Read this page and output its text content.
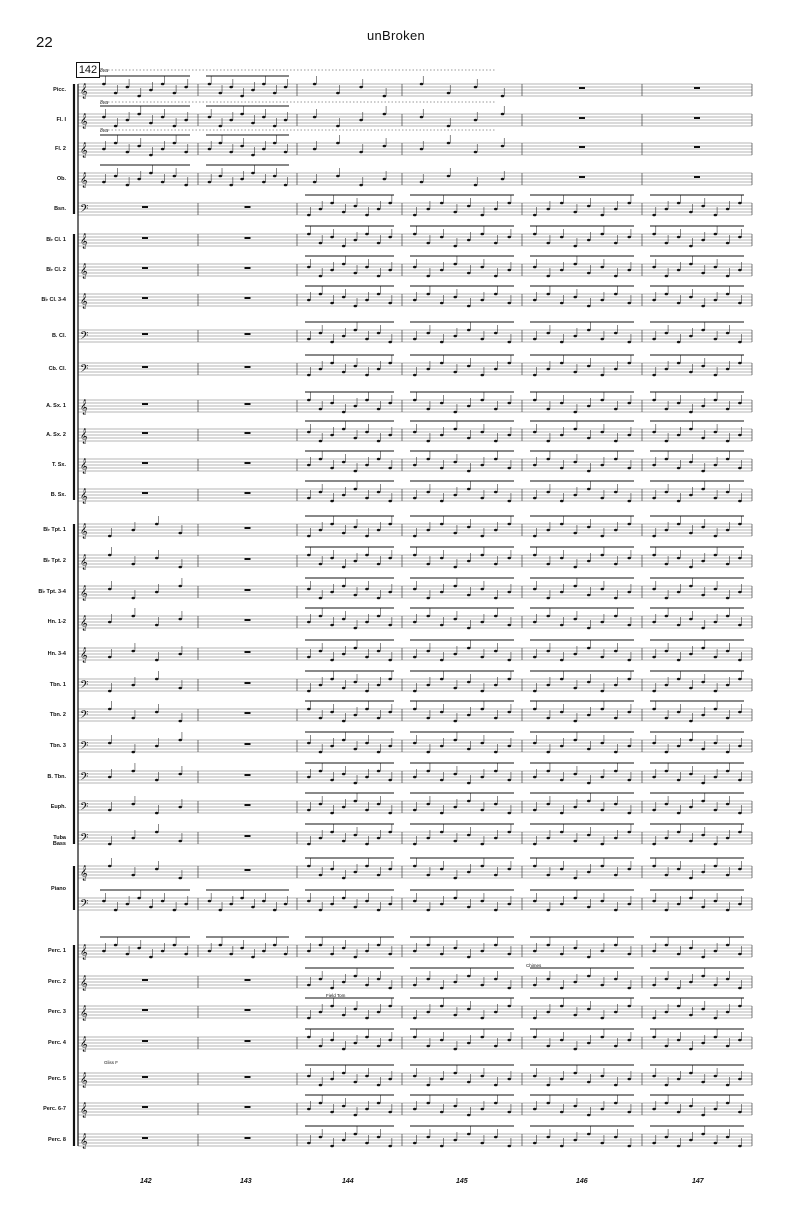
22	unBroken
142
𝄞
𝄞
𝄞
𝄞
𝄢
𝄞
𝄞
𝄞
𝄢
𝄢
𝄞
𝄞
𝄞
𝄞
𝄞
𝄞
𝄞
𝄞
𝄞
𝄢
𝄢
𝄢
𝄢
𝄢
𝄢
𝄞
𝄢
𝄞
𝄞
𝄞
𝄞
𝄞
𝄞
𝄞
8va
8va
8va
Picc.
Fl. I
Fl. 2
Ob.
Bsn.
B♭ Cl. 1
B♭ Cl. 2
B♭ Cl. 3-4
B. Cl.
Cb. Cl.
A. Sx. 1
A. Sx. 2
T. Sx.
B. Sx.
B♭ Tpt. 1
B♭ Tpt. 2
B♭ Tpt. 3-4
Hn. 1-2
Hn. 3-4
Tbn. 1
Tbn. 2
Tbn. 3
B. Tbn.
Euph.
Tuba
Bass
Piano
Perc. 1
Perc. 2
Perc. 3
Perc. 4
Perc. 5
Perc. 6-7
Perc. 8
142	143	144	145	146	147
Field Tom
Chimes
Gliss F
